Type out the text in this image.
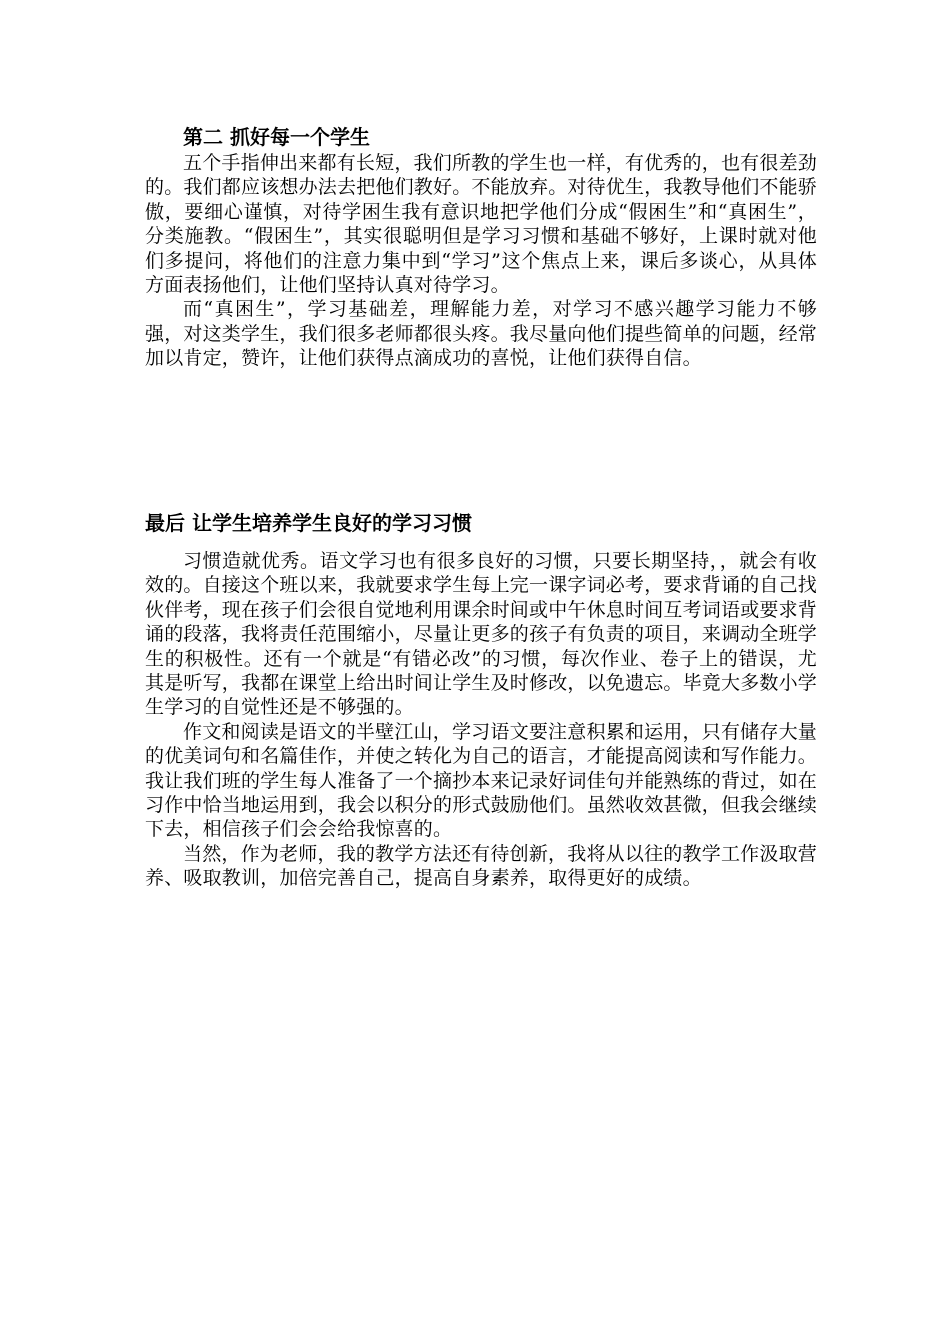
第二 抓好每一个学生

五个手指伸出来都有长短，我们所教的学生也一样，有优秀的，也有很差劲的。我们都应该想办法去把他们教好。不能放弃。对待优生，我教导他们不能骄傲，要细心谨慎，对待学困生我有意识地把学他们分成“假困生”和“真困生”，分类施教。“假困生”，其实很聪明但是学习习惯和基础不够好，上课时就对他们多提问，将他们的注意力集中到“学习”这个焦点上来，课后多谈心，从具体方面表扬他们，让他们坚持认真对待学习。

而“真困生”，学习基础差，理解能力差，对学习不感兴趣学习能力不够强，对这类学生，我们很多老师都很头疼。我尽量向他们提些简单的问题，经常加以肯定，赞许，让他们获得点滴成功的喜悦，让他们获得自信。

最后 让学生培养学生良好的学习习惯

习惯造就优秀。语文学习也有很多良好的习惯，只要长期坚持，，就会有收效的。自接这个班以来，我就要求学生每上完一课字词必考，要求背诵的自己找伙伴考，现在孩子们会很自觉地利用课余时间或中午休息时间互考词语或要求背诵的段落，我将责任范围缩小，尽量让更多的孩子有负责的项目，来调动全班学生的积极性。还有一个就是“有错必改”的习惯，每次作业、卷子上的错误，尤其是听写，我都在课堂上给出时间让学生及时修改，以免遗忘。毕竟大多数小学生学习的自觉性还是不够强的。

作文和阅读是语文的半壁江山，学习语文要注意积累和运用，只有储存大量的优美词句和名篇佳作，并使之转化为自己的语言，才能提高阅读和写作能力。我让我们班的学生每人准备了一个摘抄本来记录好词佳句并能熟练的背过，如在习作中恰当地运用到，我会以积分的形式鼓励他们。虽然收效甚微，但我会继续下去，相信孩子们会会给我惊喜的。

当然，作为老师，我的教学方法还有待创新，我将从以往的教学工作汲取营养、吸取教训，加倍完善自己，提高自身素养，取得更好的成绩。
